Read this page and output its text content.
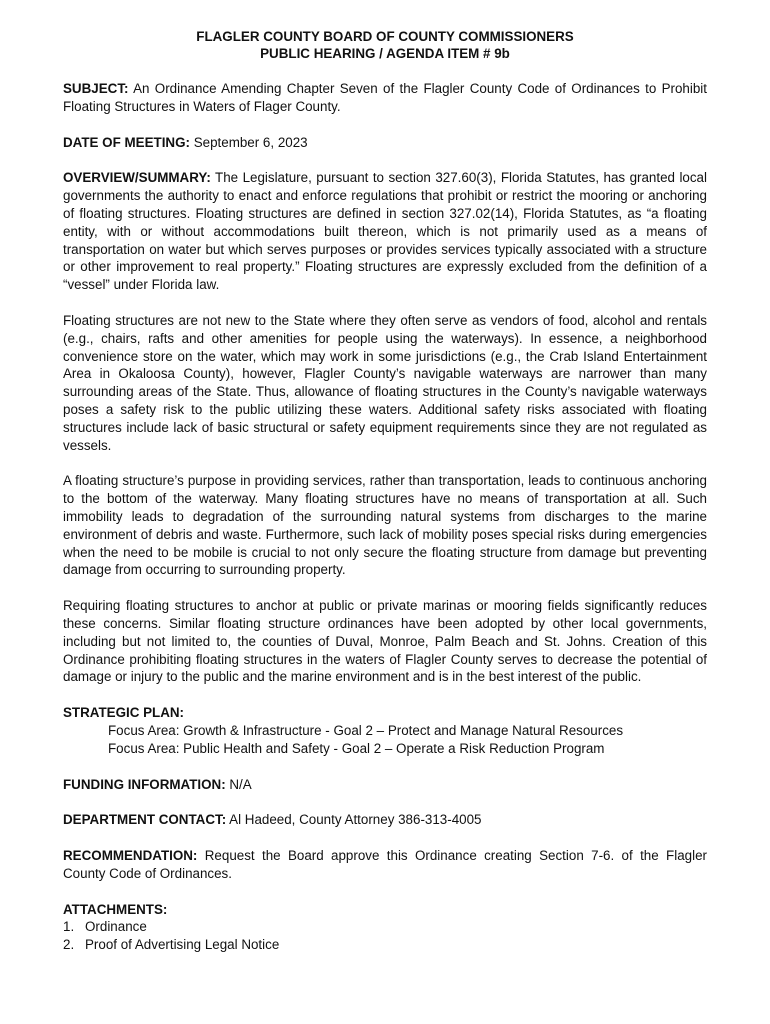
FLAGLER COUNTY BOARD OF COUNTY COMMISSIONERS
PUBLIC HEARING / AGENDA ITEM # 9b

SUBJECT: An Ordinance Amending Chapter Seven of the Flagler County Code of Ordinances to Prohibit Floating Structures in Waters of Flager County.

DATE OF MEETING: September 6, 2023

OVERVIEW/SUMMARY: The Legislature, pursuant to section 327.60(3), Florida Statutes, has granted local governments the authority to enact and enforce regulations that prohibit or restrict the mooring or anchoring of floating structures. Floating structures are defined in section 327.02(14), Florida Statutes, as “a floating entity, with or without accommodations built thereon, which is not primarily used as a means of transportation on water but which serves purposes or provides services typically associated with a structure or other improvement to real property.” Floating structures are expressly excluded from the definition of a “vessel” under Florida law.

Floating structures are not new to the State where they often serve as vendors of food, alcohol and rentals (e.g., chairs, rafts and other amenities for people using the waterways). In essence, a neighborhood convenience store on the water, which may work in some jurisdictions (e.g., the Crab Island Entertainment Area in Okaloosa County), however, Flagler County’s navigable waterways are narrower than many surrounding areas of the State. Thus, allowance of floating structures in the County’s navigable waterways poses a safety risk to the public utilizing these waters. Additional safety risks associated with floating structures include lack of basic structural or safety equipment requirements since they are not regulated as vessels.

A floating structure’s purpose in providing services, rather than transportation, leads to continuous anchoring to the bottom of the waterway. Many floating structures have no means of transportation at all. Such immobility leads to degradation of the surrounding natural systems from discharges to the marine environment of debris and waste. Furthermore, such lack of mobility poses special risks during emergencies when the need to be mobile is crucial to not only secure the floating structure from damage but preventing damage from occurring to surrounding property.

Requiring floating structures to anchor at public or private marinas or mooring fields significantly reduces these concerns. Similar floating structure ordinances have been adopted by other local governments, including but not limited to, the counties of Duval, Monroe, Palm Beach and St. Johns. Creation of this Ordinance prohibiting floating structures in the waters of Flagler County serves to decrease the potential of damage or injury to the public and the marine environment and is in the best interest of the public.

STRATEGIC PLAN:
Focus Area: Growth & Infrastructure - Goal 2 – Protect and Manage Natural Resources
Focus Area: Public Health and Safety - Goal 2 – Operate a Risk Reduction Program

FUNDING INFORMATION: N/A

DEPARTMENT CONTACT: Al Hadeed, County Attorney 386-313-4005

RECOMMENDATION: Request the Board approve this Ordinance creating Section 7-6. of the Flagler County Code of Ordinances.

ATTACHMENTS:
1. Ordinance
2. Proof of Advertising Legal Notice
